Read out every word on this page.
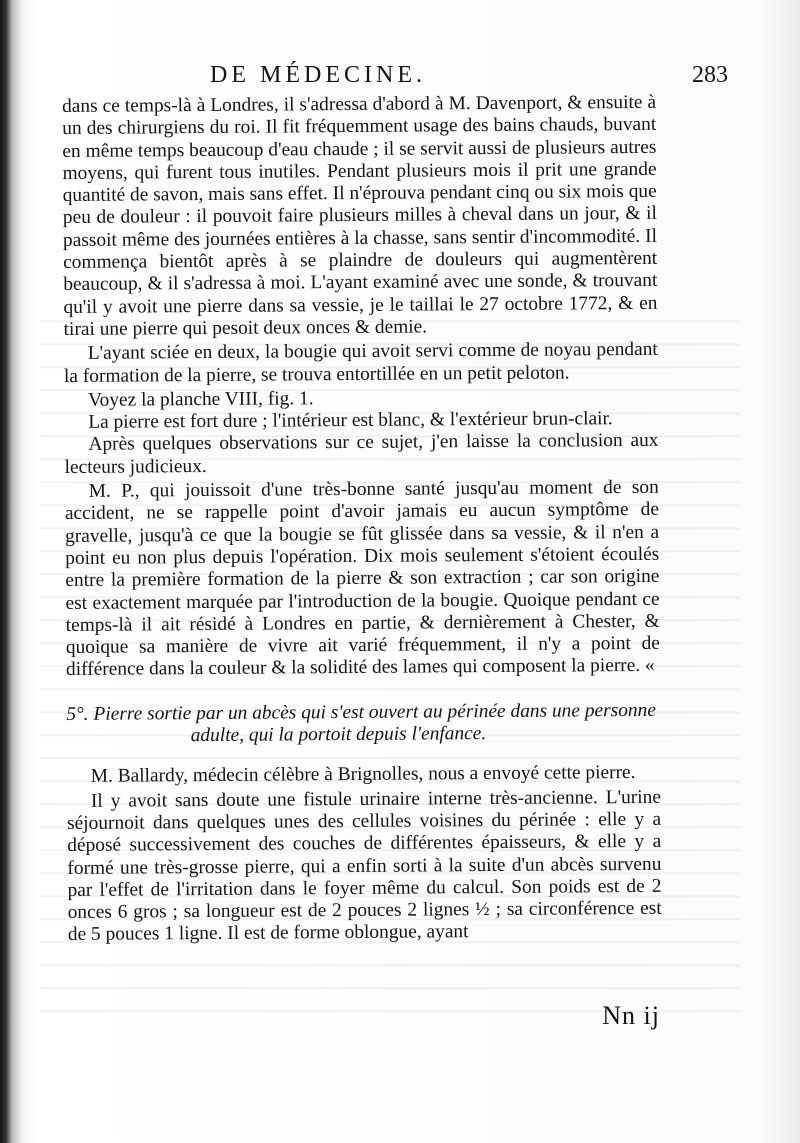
DE MÉDECINE.	283

dans ce temps-là à Londres, il s'adressa d'abord à M. Davenport, & ensuite à un des chirurgiens du roi. Il fit fréquemment usage des bains chauds, buvant en même temps beaucoup d'eau chaude ; il se servit aussi de plusieurs autres moyens, qui furent tous inutiles. Pendant plusieurs mois il prit une grande quantité de savon, mais sans effet. Il n'éprouva pendant cinq ou six mois que peu de douleur : il pouvoit faire plusieurs milles à cheval dans un jour, & il passoit même des journées entières à la chasse, sans sentir d'incommodité. Il commença bientôt après à se plaindre de douleurs qui augmentèrent beaucoup, & il s'adressa à moi. L'ayant examiné avec une sonde, & trouvant qu'il y avoit une pierre dans sa vessie, je le taillai le 27 octobre 1772, & en tirai une pierre qui pesoit deux onces & demie.

L'ayant sciée en deux, la bougie qui avoit servi comme de noyau pendant la formation de la pierre, se trouva entortillée en un petit peloton.

Voyez la planche VIII, fig. 1.

La pierre est fort dure ; l'intérieur est blanc, & l'extérieur brun-clair.

Après quelques observations sur ce sujet, j'en laisse la conclusion aux lecteurs judicieux.

M. P., qui jouissoit d'une très-bonne santé jusqu'au moment de son accident, ne se rappelle point d'avoir jamais eu aucun symptôme de gravelle, jusqu'à ce que la bougie se fût glissée dans sa vessie, & il n'en a point eu non plus depuis l'opération. Dix mois seulement s'étoient écoulés entre la première formation de la pierre & son extraction ; car son origine est exactement marquée par l'introduction de la bougie. Quoique pendant ce temps-là il ait résidé à Londres en partie, & dernièrement à Chester, & quoique sa manière de vivre ait varié fréquemment, il n'y a point de différence dans la couleur & la solidité des lames qui composent la pierre. «

5°. Pierre sortie par un abcès qui s'est ouvert au périnée dans une personne
adulte, qui la portoit depuis l'enfance.

M. Ballardy, médecin célèbre à Brignolles, nous a envoyé cette pierre.

Il y avoit sans doute une fistule urinaire interne très-ancienne. L'urine séjournoit dans quelques unes des cellules voisines du périnée : elle y a déposé successivement des couches de différentes épaisseurs, & elle y a formé une très-grosse pierre, qui a enfin sorti à la suite d'un abcès survenu par l'effet de l'irritation dans le foyer même du calcul. Son poids est de 2 onces 6 gros ; sa longueur est de 2 pouces 2 lignes ½ ; sa circonférence est de 5 pouces 1 ligne. Il est de forme oblongue, ayant

Nn ij
